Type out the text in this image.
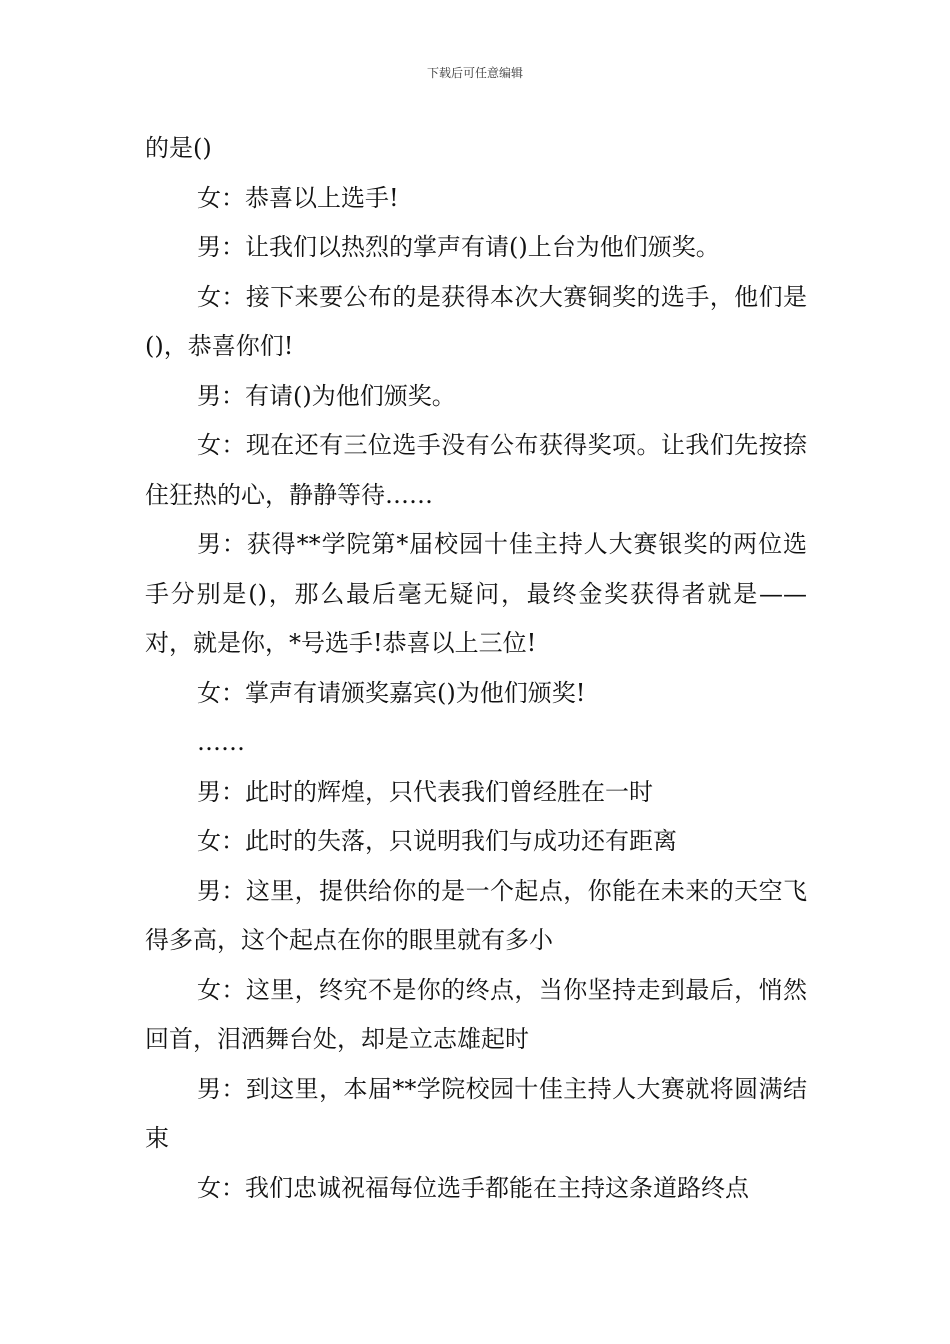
下载后可任意编辑

的是()

女：恭喜以上选手!

男：让我们以热烈的掌声有请()上台为他们颁奖。

女：接下来要公布的是获得本次大赛铜奖的选手，他们是()，恭喜你们!

男：有请()为他们颁奖。

女：现在还有三位选手没有公布获得奖项。让我们先按捺住狂热的心，静静等待……

男：获得**学院第*届校园十佳主持人大赛银奖的两位选手分别是()，那么最后毫无疑问，最终金奖获得者就是——对，就是你，*号选手!恭喜以上三位!

女：掌声有请颁奖嘉宾()为他们颁奖!

……

男：此时的辉煌，只代表我们曾经胜在一时

女：此时的失落，只说明我们与成功还有距离

男：这里，提供给你的是一个起点，你能在未来的天空飞得多高，这个起点在你的眼里就有多小

女：这里，终究不是你的终点，当你坚持走到最后，悄然回首，泪洒舞台处，却是立志雄起时

男：到这里，本届**学院校园十佳主持人大赛就将圆满结束

女：我们忠诚祝福每位选手都能在主持这条道路终点
